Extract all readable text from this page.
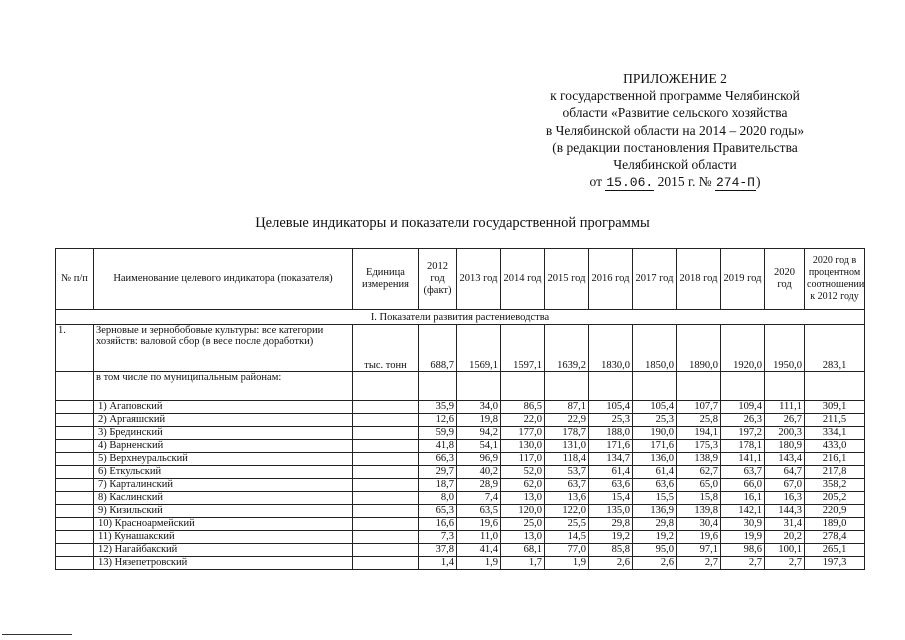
ПРИЛОЖЕНИЕ 2
к государственной программе Челябинской
области «Развитие сельского хозяйства
в Челябинской области на 2014 – 2020 годы»
(в редакции постановления Правительства
Челябинской области
от 15.06. 2015 г. № 274-П)
Целевые индикаторы и показатели государственной программы
№ п/п	Наименование целевого индикатора (показателя)	Единица измерения	2012 год (факт)	2013 год	2014 год	2015 год	2016 год	2017 год	2018 год	2019 год	2020 год	2020 год в процентном соотношении к 2012 году
I. Показатели развития растениеводства												
1.	Зерновые и зернобобовые культуры: все категории хозяйств: валовой сбор (в весе после доработки)	тыс. тонн	688,7	1569,1	1597,1	1639,2	1830,0	1850,0	1890,0	1920,0	1950,0	283,1
	в том числе по муниципальным районам:											
	1) Агаповский		35,9	34,0	86,5	87,1	105,4	105,4	107,7	109,4	111,1	309,1
	2) Аргаяшский		12,6	19,8	22,0	22,9	25,3	25,3	25,8	26,3	26,7	211,5
	3) Брединский		59,9	94,2	177,0	178,7	188,0	190,0	194,1	197,2	200,3	334,1
	4) Варненский		41,8	54,1	130,0	131,0	171,6	171,6	175,3	178,1	180,9	433,0
	5) Верхнеуральский		66,3	96,9	117,0	118,4	134,7	136,0	138,9	141,1	143,4	216,1
	6) Еткульский		29,7	40,2	52,0	53,7	61,4	61,4	62,7	63,7	64,7	217,8
	7) Карталинский		18,7	28,9	62,0	63,7	63,6	63,6	65,0	66,0	67,0	358,2
	8) Каслинский		8,0	7,4	13,0	13,6	15,4	15,5	15,8	16,1	16,3	205,2
	9) Кизильский		65,3	63,5	120,0	122,0	135,0	136,9	139,8	142,1	144,3	220,9
	10) Красноармейский		16,6	19,6	25,0	25,5	29,8	29,8	30,4	30,9	31,4	189,0
	11) Кунашакский		7,3	11,0	13,0	14,5	19,2	19,2	19,6	19,9	20,2	278,4
	12) Нагайбакский		37,8	41,4	68,1	77,0	85,8	95,0	97,1	98,6	100,1	265,1
	13) Нязепетровский		1,4	1,9	1,7	1,9	2,6	2,6	2,7	2,7	2,7	197,3
